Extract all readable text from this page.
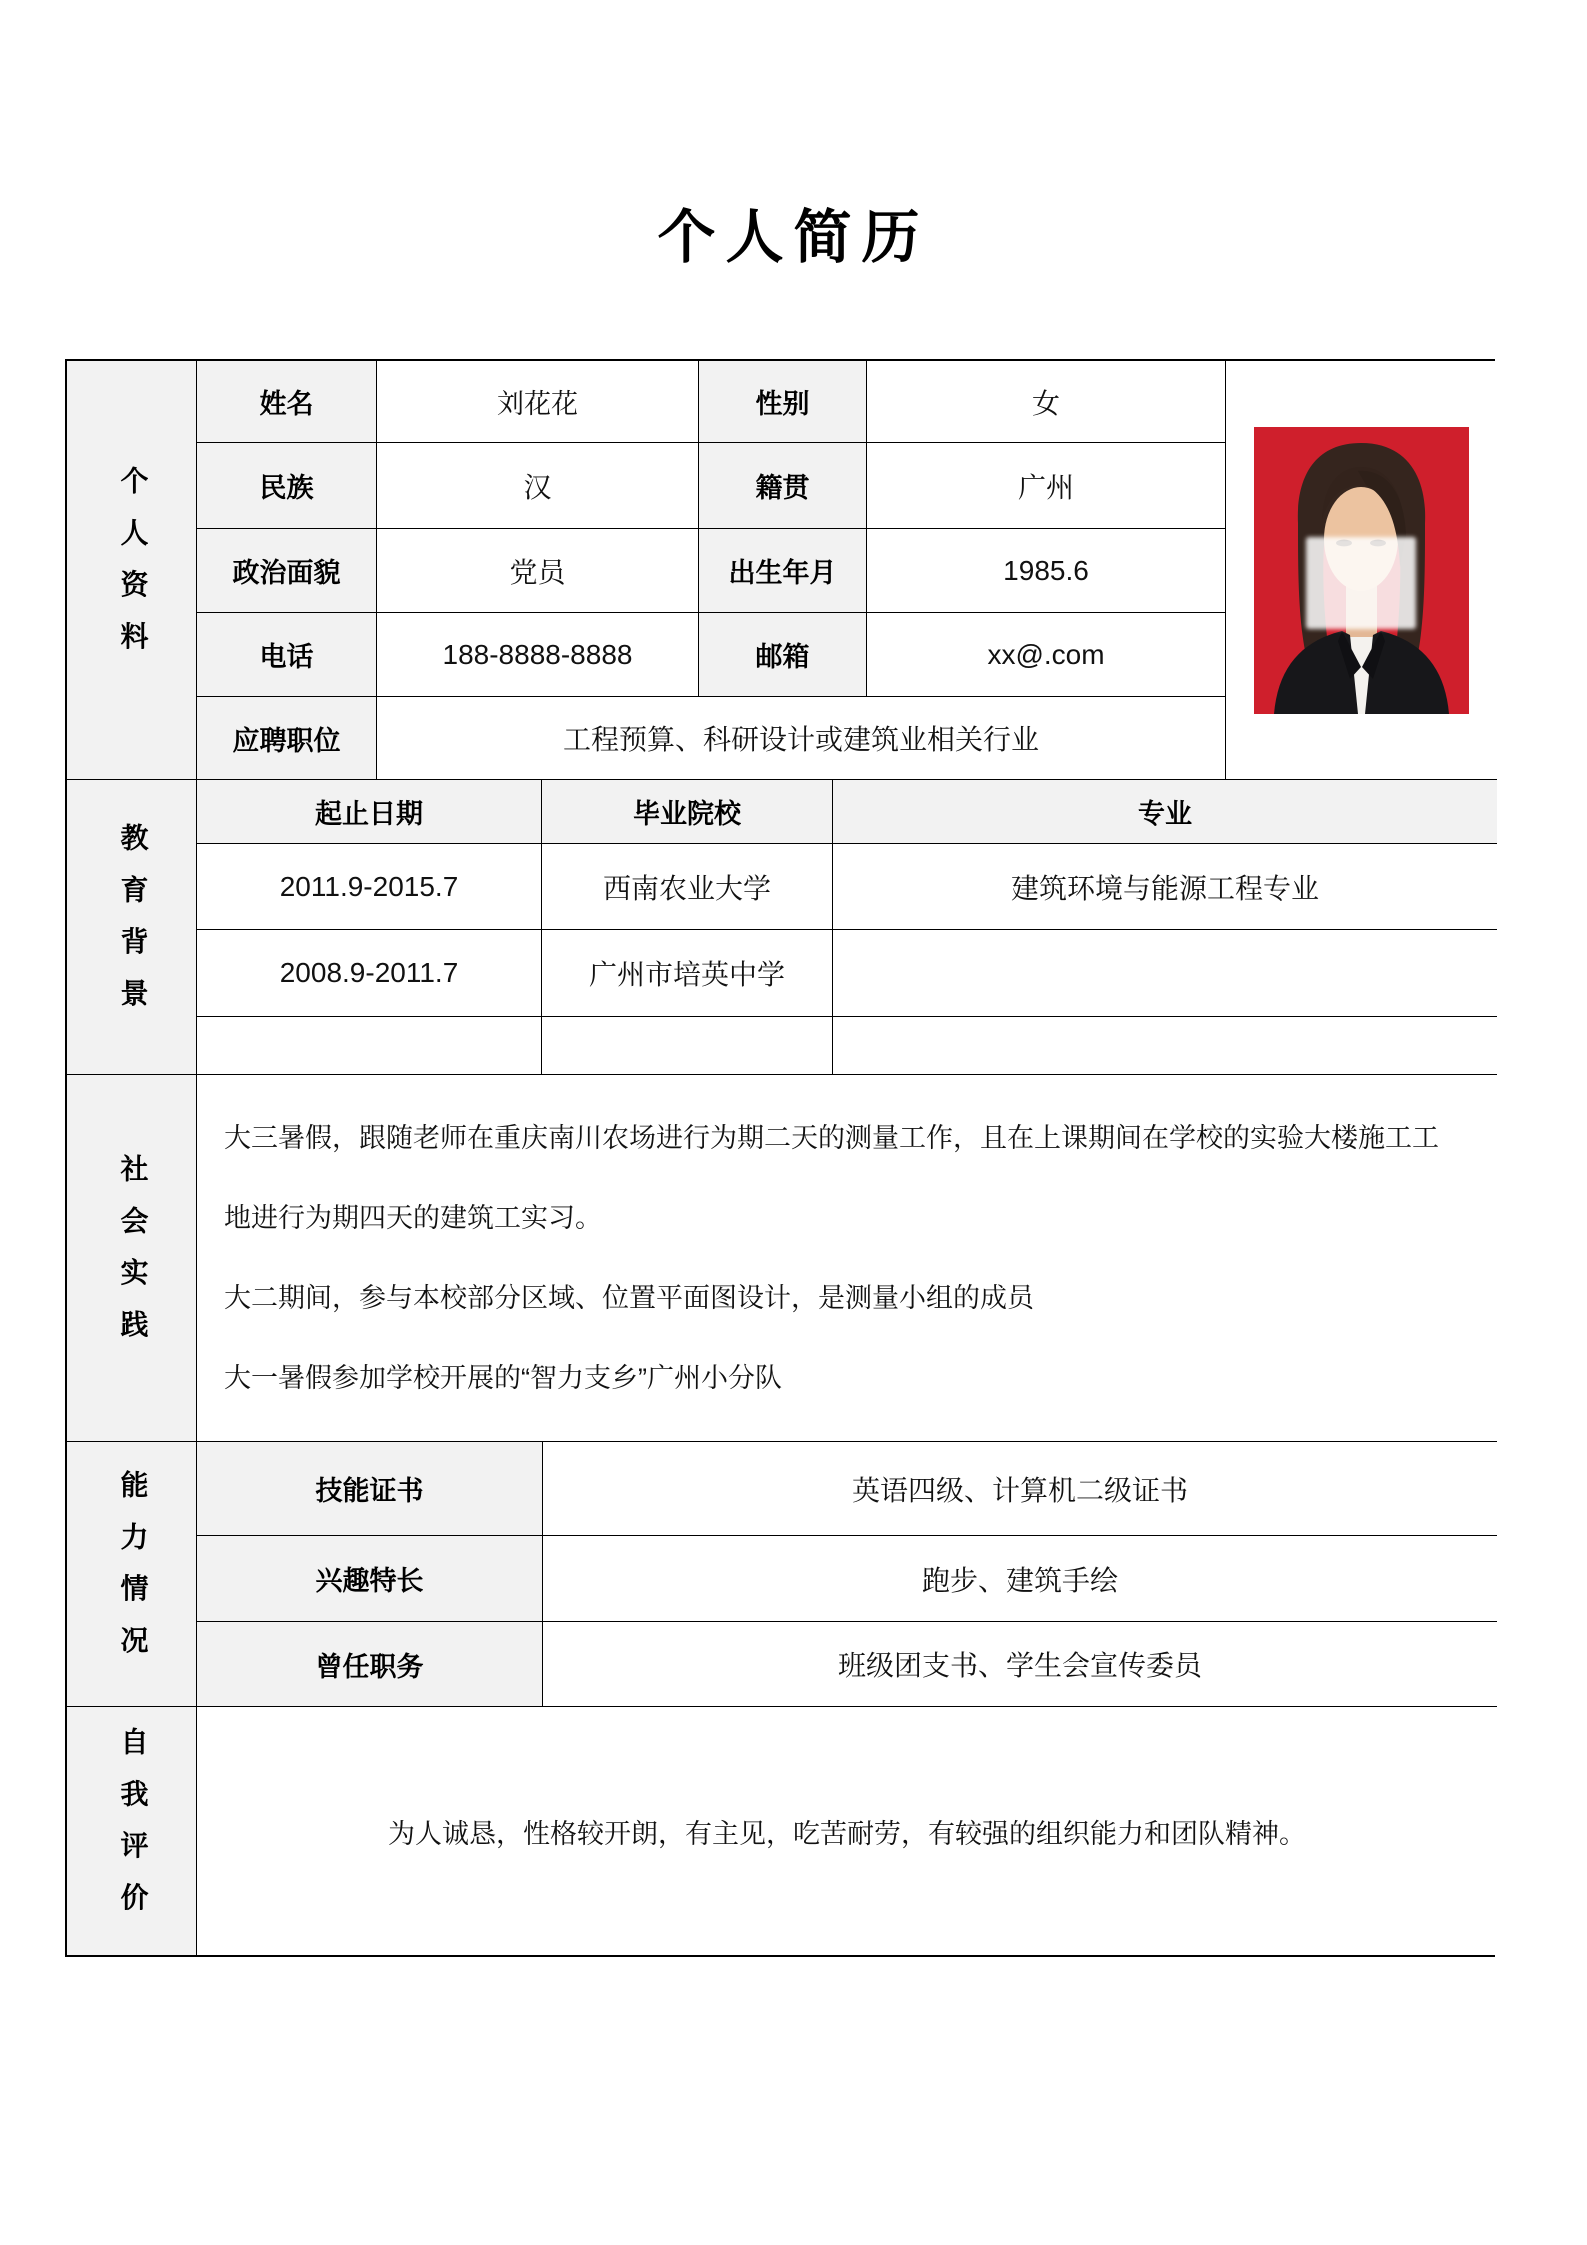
个人简历
个人资料
姓名	刘花花	性别	女
民族	汉	籍贯	广州
政治面貌	党员	出生年月	1985.6
电话	188-8888-8888	邮箱	xx@.com
应聘职位	工程预算、科研设计或建筑业相关行业
教育背景
起止日期	毕业院校	专业
2011.9-2015.7	西南农业大学	建筑环境与能源工程专业
2008.9-2011.7	广州市培英中学
社会实践
大三暑假，跟随老师在重庆南川农场进行为期二天的测量工作，且在上课期间在学校的实验大楼施工工
地进行为期四天的建筑工实习。
大二期间，参与本校部分区域、位置平面图设计，是测量小组的成员
大一暑假参加学校开展的“智力支乡”广州小分队
能力情况	技能证书	英语四级、计算机二级证书
兴趣特长	跑步、建筑手绘
曾任职务	班级团支书、学生会宣传委员
自我评价	为人诚恳，性格较开朗，有主见，吃苦耐劳，有较强的组织能力和团队精神。
